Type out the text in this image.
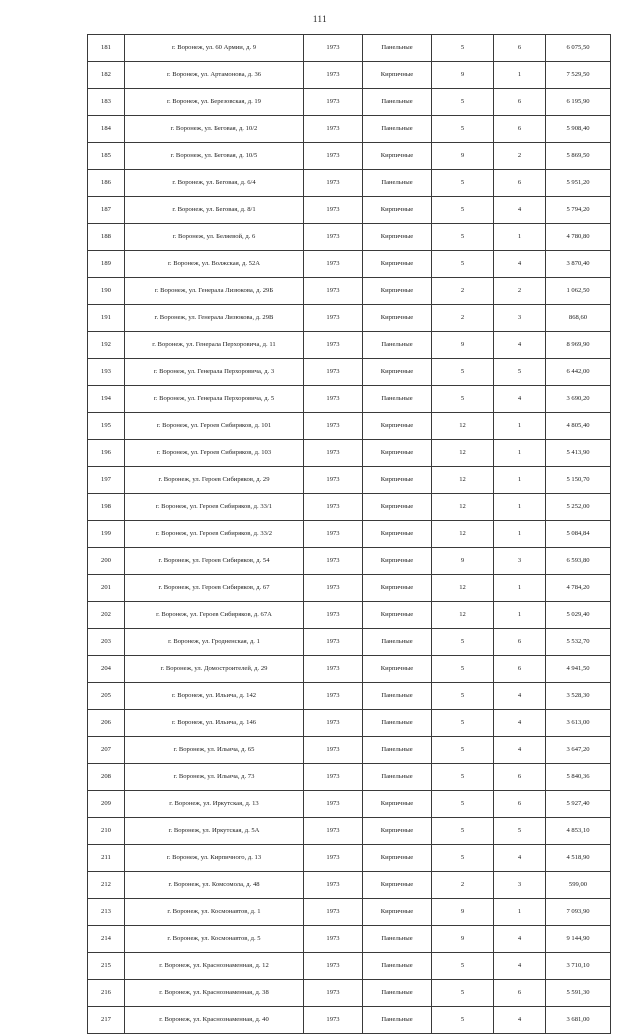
111
181	г. Воронеж, ул. 60 Армии, д. 9	1973	Панельные	5	6	6 075,50
182	г. Воронеж, ул. Артамонова, д. 36	1973	Кирпичные	9	1	7 529,50
183	г. Воронеж, ул. Березовская, д. 19	1973	Панельные	5	6	6 195,90
184	г. Воронеж, ул. Беговая, д. 10/2	1973	Панельные	5	6	5 908,40
185	г. Воронеж, ул. Беговая, д. 10/5	1973	Кирпичные	9	2	5 869,50
186	г. Воронеж, ул. Беговая, д. 6/4	1973	Панельные	5	6	5 951,20
187	г. Воронеж, ул. Беговая, д. 8/1	1973	Кирпичные	5	4	5 794,20
188	г. Воронеж, ул. Беляевой, д. 6	1973	Кирпичные	5	1	4 780,80
189	г. Воронеж, ул. Волжская, д. 52А	1973	Кирпичные	5	4	3 870,40
190	г. Воронеж, ул. Генерала Лизюкова, д. 29Б	1973	Кирпичные	2	2	1 062,50
191	г. Воронеж, ул. Генерала Лизюкова, д. 29В	1973	Кирпичные	2	3	868,60
192	г. Воронеж, ул. Генерала Перхоровича, д. 11	1973	Панельные	9	4	8 969,90
193	г. Воронеж, ул. Генерала Перхоровича, д. 3	1973	Кирпичные	5	5	6 442,00
194	г. Воронеж, ул. Генерала Перхоровича, д. 5	1973	Панельные	5	4	3 690,20
195	г. Воронеж, ул. Героев Сибиряков, д. 101	1973	Кирпичные	12	1	4 805,40
196	г. Воронеж, ул. Героев Сибиряков, д. 103	1973	Кирпичные	12	1	5 413,90
197	г. Воронеж, ул. Героев Сибиряков, д. 29	1973	Кирпичные	12	1	5 150,70
198	г. Воронеж, ул. Героев Сибиряков, д. 33/1	1973	Кирпичные	12	1	5 252,00
199	г. Воронеж, ул. Героев Сибиряков, д. 33/2	1973	Кирпичные	12	1	5 084,84
200	г. Воронеж, ул. Героев Сибиряков, д. 54	1973	Кирпичные	9	3	6 593,80
201	г. Воронеж, ул. Героев Сибиряков, д. 67	1973	Кирпичные	12	1	4 784,20
202	г. Воронеж, ул. Героев Сибиряков, д. 67А	1973	Кирпичные	12	1	5 029,40
203	г. Воронеж, ул. Гродненская, д. 1	1973	Панельные	5	6	5 532,70
204	г. Воронеж, ул. Домостроителей, д. 29	1973	Кирпичные	5	6	4 941,50
205	г. Воронеж, ул. Ильича, д. 142	1973	Панельные	5	4	3 528,30
206	г. Воронеж, ул. Ильича, д. 146	1973	Панельные	5	4	3 613,00
207	г. Воронеж, ул. Ильича, д. 65	1973	Панельные	5	4	3 647,20
208	г. Воронеж, ул. Ильича, д. 73	1973	Панельные	5	6	5 840,36
209	г. Воронеж, ул. Иркутская, д. 13	1973	Кирпичные	5	6	5 927,40
210	г. Воронеж, ул. Иркутская, д. 5А	1973	Кирпичные	5	5	4 853,10
211	г. Воронеж, ул. Кирпичного, д. 13	1973	Кирпичные	5	4	4 518,90
212	г. Воронеж, ул. Комсомола, д. 48	1973	Кирпичные	2	3	599,00
213	г. Воронеж, ул. Космонавтов, д. 1	1973	Кирпичные	9	1	7 093,90
214	г. Воронеж, ул. Космонавтов, д. 5	1973	Панельные	9	4	9 144,90
215	г. Воронеж, ул. Краснознаменная, д. 12	1973	Панельные	5	4	3 710,10
216	г. Воронеж, ул. Краснознаменная, д. 38	1973	Панельные	5	6	5 591,30
217	г. Воронеж, ул. Краснознаменная, д. 40	1973	Панельные	5	4	3 681,00
